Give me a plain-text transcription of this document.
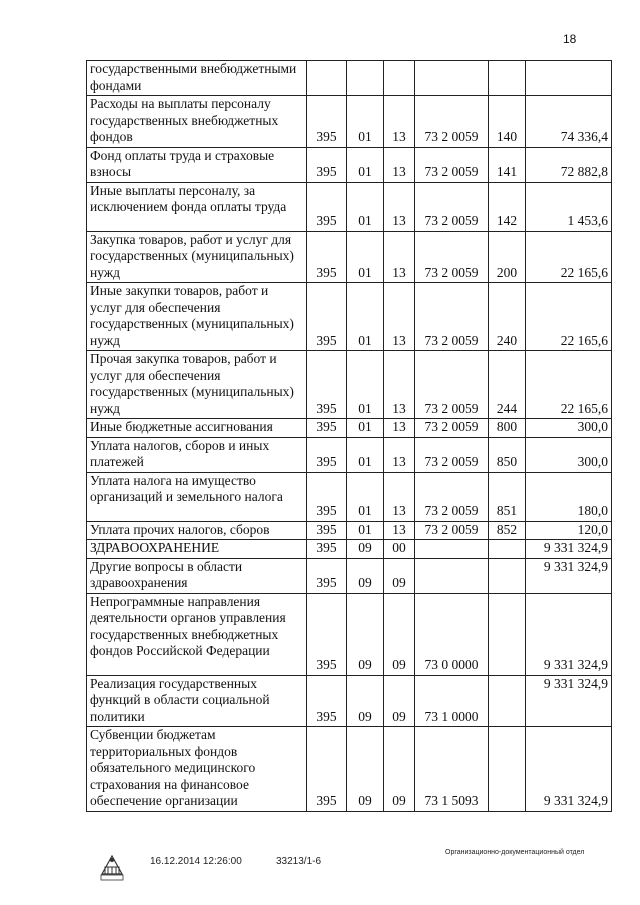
18
государственными внебюджетными фондами						
Расходы на выплаты персоналу государственных внебюджетных фондов	395	01	13	73 2 0059	140	74 336,4
Фонд оплаты труда и страховые взносы	395	01	13	73 2 0059	141	72 882,8
Иные выплаты персоналу, за исключением фонда оплаты труда	395	01	13	73 2 0059	142	1 453,6
Закупка товаров, работ и услуг для государственных (муниципальных) нужд	395	01	13	73 2 0059	200	22 165,6
Иные закупки товаров, работ и услуг для обеспечения государственных (муниципальных) нужд	395	01	13	73 2 0059	240	22 165,6
Прочая закупка товаров, работ и услуг для обеспечения государственных (муниципальных) нужд	395	01	13	73 2 0059	244	22 165,6
Иные бюджетные ассигнования	395	01	13	73 2 0059	800	300,0
Уплата налогов, сборов и иных платежей	395	01	13	73 2 0059	850	300,0
Уплата налога на имущество организаций и земельного налога	395	01	13	73 2 0059	851	180,0
Уплата прочих налогов, сборов	395	01	13	73 2 0059	852	120,0
ЗДРАВООХРАНЕНИЕ	395	09	00			9 331 324,9
Другие вопросы в области здравоохранения	395	09	09			9 331 324,9
Непрограммные направления деятельности органов управления государственных внебюджетных фондов Российской Федерации	395	09	09	73 0 0000		9 331 324,9
Реализация государственных функций в области социальной политики	395	09	09	73 1 0000		9 331 324,9
Субвенции бюджетам территориальных фондов обязательного медицинского страхования на финансовое обеспечение организации	395	09	09	73 1 5093		9 331 324,9
16.12.2014 12:26:00	33213/1-6
Организационно-документационный отдел
